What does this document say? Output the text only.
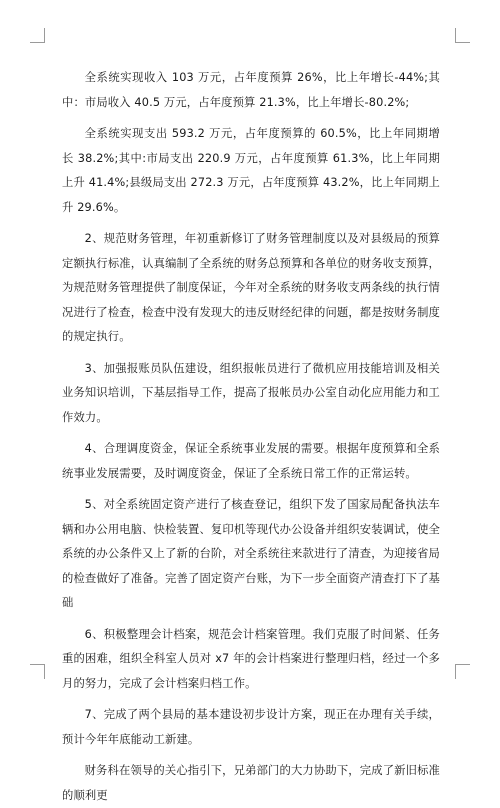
全系统实现收入 103 万元，占年度预算 26%，比上年增长-44%;其中：市局收入 40.5 万元，占年度预算 21.3%，比上年增长-80.2%;

全系统实现支出 593.2 万元，占年度预算的 60.5%，比上年同期增长 38.2%;其中:市局支出 220.9 万元，占年度预算 61.3%，比上年同期上升 41.4%;县级局支出 272.3 万元，占年度预算 43.2%，比上年同期上升 29.6%。

2、规范财务管理，年初重新修订了财务管理制度以及对县级局的预算定额执行标准，认真编制了全系统的财务总预算和各单位的财务收支预算，为规范财务管理提供了制度保证，今年对全系统的财务收支两条线的执行情况进行了检查，检查中没有发现大的违反财经纪律的问题，都是按财务制度的规定执行。

3、加强报账员队伍建设，组织报帐员进行了微机应用技能培训及相关业务知识培训，下基层指导工作，提高了报帐员办公室自动化应用能力和工作效力。

4、合理调度资金，保证全系统事业发展的需要。根据年度预算和全系统事业发展需要，及时调度资金，保证了全系统日常工作的正常运转。

5、对全系统固定资产进行了核查登记，组织下发了国家局配备执法车辆和办公用电脑、快检装置、复印机等现代办公设备并组织安装调试，使全系统的办公条件又上了新的台阶，对全系统往来款进行了清查，为迎接省局的检查做好了准备。完善了固定资产台账，为下一步全面资产清查打下了基础

6、积极整理会计档案，规范会计档案管理。我们克服了时间紧、任务重的困难，组织全科室人员对 x7 年的会计档案进行整理归档，经过一个多月的努力，完成了会计档案归档工作。

7、完成了两个县局的基本建设初步设计方案，现正在办理有关手续，预计今年年底能动工新建。

财务科在领导的关心指引下，兄弟部门的大力协助下，完成了新旧标准的顺利更
